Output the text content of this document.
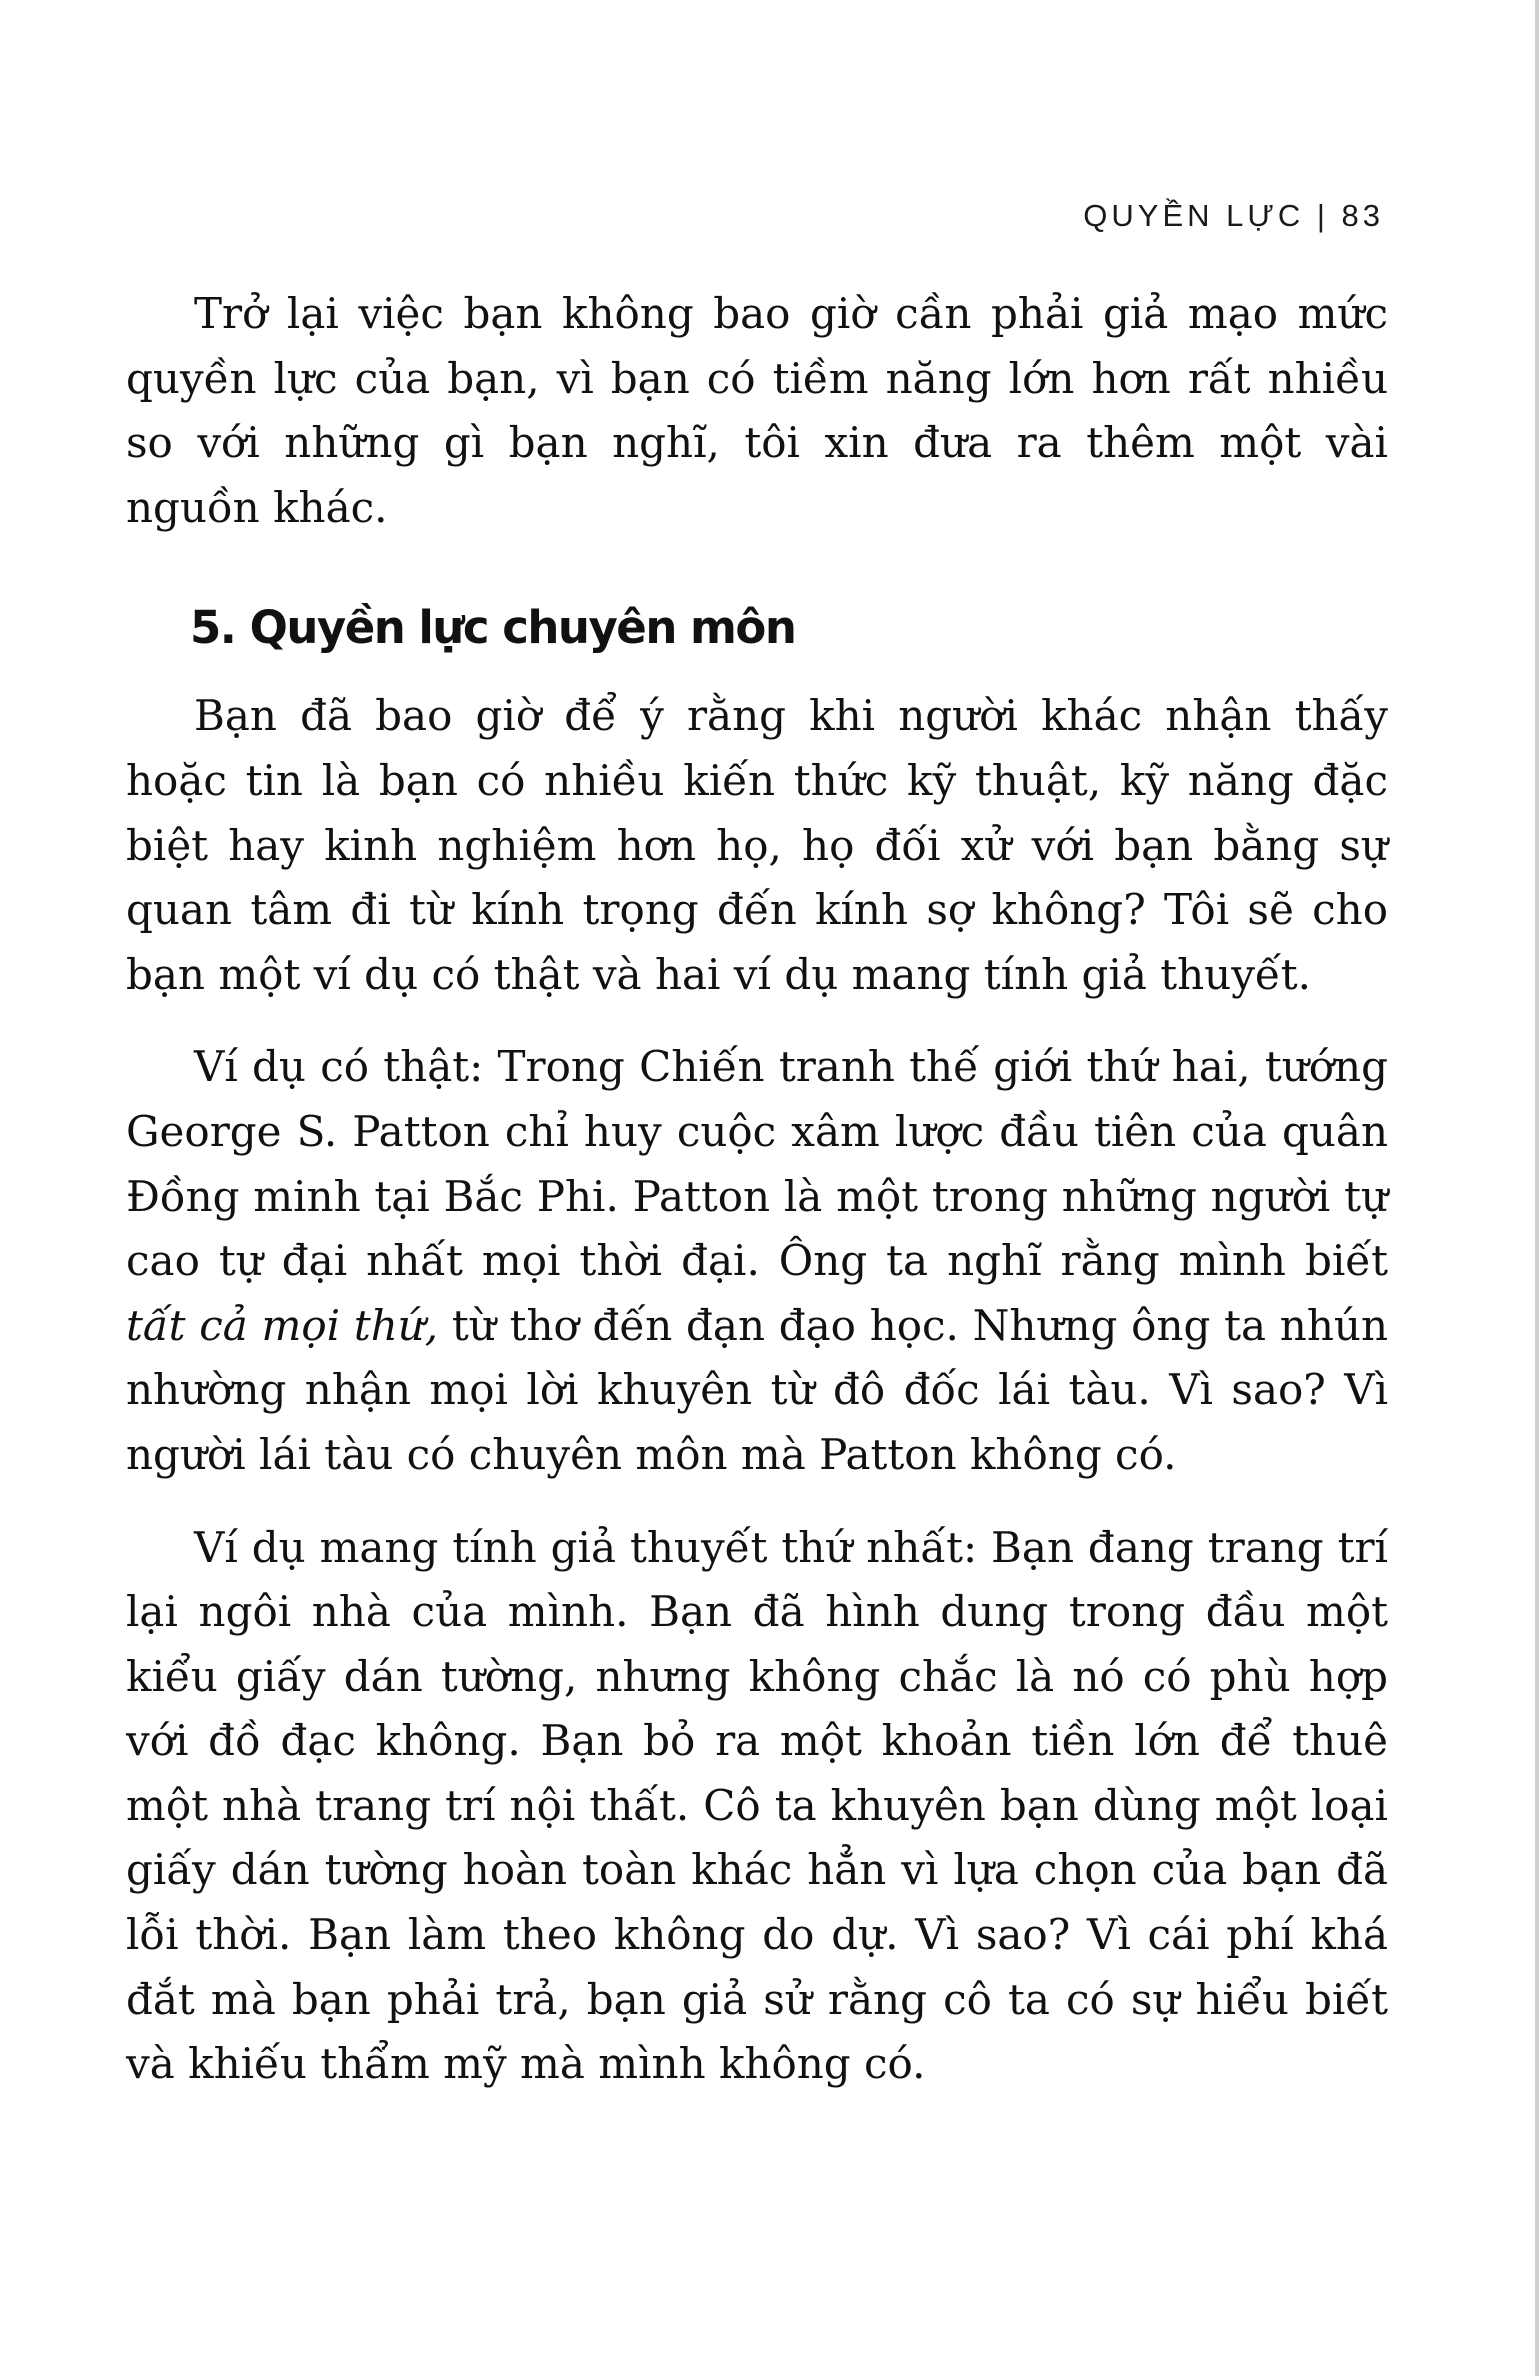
QUYỀN LỰC | 83

Trở lại việc bạn không bao giờ cần phải giả mạo mức quyền lực của bạn, vì bạn có tiềm năng lớn hơn rất nhiều so với những gì bạn nghĩ, tôi xin đưa ra thêm một vài nguồn khác.

5. Quyền lực chuyên môn

Bạn đã bao giờ để ý rằng khi người khác nhận thấy hoặc tin là bạn có nhiều kiến thức kỹ thuật, kỹ năng đặc biệt hay kinh nghiệm hơn họ, họ đối xử với bạn bằng sự quan tâm đi từ kính trọng đến kính sợ không? Tôi sẽ cho bạn một ví dụ có thật và hai ví dụ mang tính giả thuyết.

Ví dụ có thật: Trong Chiến tranh thế giới thứ hai, tướng George S. Patton chỉ huy cuộc xâm lược đầu tiên của quân Đồng minh tại Bắc Phi. Patton là một trong những người tự cao tự đại nhất mọi thời đại. Ông ta nghĩ rằng mình biết tất cả mọi thứ, từ thơ đến đạn đạo học. Nhưng ông ta nhún nhường nhận mọi lời khuyên từ đô đốc lái tàu. Vì sao? Vì người lái tàu có chuyên môn mà Patton không có.

Ví dụ mang tính giả thuyết thứ nhất: Bạn đang trang trí lại ngôi nhà của mình. Bạn đã hình dung trong đầu một kiểu giấy dán tường, nhưng không chắc là nó có phù hợp với đồ đạc không. Bạn bỏ ra một khoản tiền lớn để thuê một nhà trang trí nội thất. Cô ta khuyên bạn dùng một loại giấy dán tường hoàn toàn khác hẳn vì lựa chọn của bạn đã lỗi thời. Bạn làm theo không do dự. Vì sao? Vì cái phí khá đắt mà bạn phải trả, bạn giả sử rằng cô ta có sự hiểu biết và khiếu thẩm mỹ mà mình không có.
